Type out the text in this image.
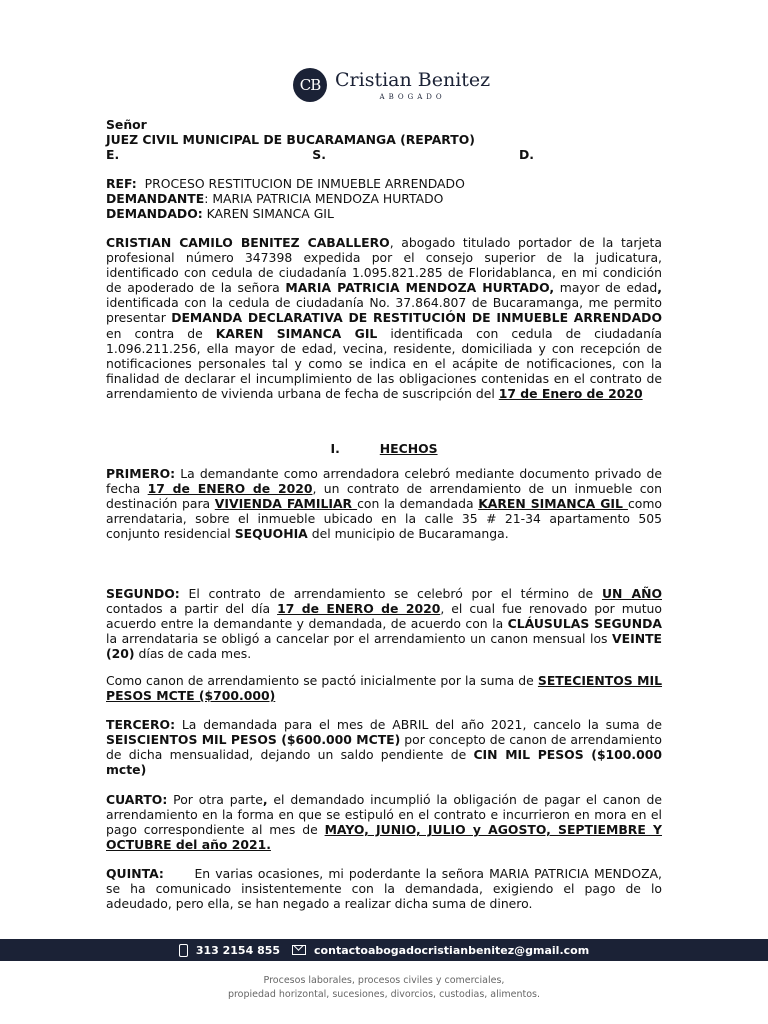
CB Cristian Benitez
ABOGADO

Señor

JUEZ CIVIL MUNICIPAL DE BUCARAMANGA (REPARTO)

E.	S.	D.

REF: PROCESO RESTITUCION DE INMUEBLE ARRENDADO

DEMANDANTE: MARIA PATRICIA MENDOZA HURTADO

DEMANDADO: KAREN SIMANCA GIL

CRISTIAN CAMILO BENITEZ CABALLERO, abogado titulado portador de la tarjeta profesional número 347398 expedida por el consejo superior de la judicatura, identificado con cedula de ciudadanía 1.095.821.285 de Floridablanca, en mi condición de apoderado de la señora MARIA PATRICIA MENDOZA HURTADO, mayor de edad, identificada con la cedula de ciudadanía No. 37.864.807 de Bucaramanga, me permito presentar DEMANDA DECLARATIVA DE RESTITUCIÓN DE INMUEBLE ARRENDADO en contra de KAREN SIMANCA GIL identificada con cedula de ciudadanía 1.096.211.256, ella mayor de edad, vecina, residente, domiciliada y con recepción de notificaciones personales tal y como se indica en el acápite de notificaciones, con la finalidad de declarar el incumplimiento de las obligaciones contenidas en el contrato de arrendamiento de vivienda urbana de fecha de suscripción del 17 de Enero de 2020

I.	HECHOS

PRIMERO: La demandante como arrendadora celebró mediante documento privado de fecha 17 de ENERO de 2020, un contrato de arrendamiento de un inmueble con destinación para VIVIENDA FAMILIAR con la demandada KAREN SIMANCA GIL como arrendataria, sobre el inmueble ubicado en la calle 35 # 21-34 apartamento 505 conjunto residencial SEQUOHIA del municipio de Bucaramanga.

SEGUNDO: El contrato de arrendamiento se celebró por el término de UN AÑO contados a partir del día 17 de ENERO de 2020, el cual fue renovado por mutuo acuerdo entre la demandante y demandada, de acuerdo con la CLÁUSULAS SEGUNDA la arrendataria se obligó a cancelar por el arrendamiento un canon mensual los VEINTE (20) días de cada mes.

Como canon de arrendamiento se pactó inicialmente por la suma de SETECIENTOS MIL PESOS MCTE ($700.000)

TERCERO: La demandada para el mes de ABRIL del año 2021, cancelo la suma de SEISCIENTOS MIL PESOS ($600.000 MCTE) por concepto de canon de arrendamiento de dicha mensualidad, dejando un saldo pendiente de CIN MIL PESOS ($100.000 mcte)

CUARTO: Por otra parte, el demandado incumplió la obligación de pagar el canon de arrendamiento en la forma en que se estipuló en el contrato e incurrieron en mora en el pago correspondiente al mes de MAYO, JUNIO, JULIO y AGOSTO, SEPTIEMBRE Y OCTUBRE del año 2021.

QUINTA:      En varias ocasiones, mi poderdante la señora MARIA PATRICIA MENDOZA, se ha comunicado insistentemente con la demandada, exigiendo el pago de lo adeudado, pero ella, se han negado a realizar dicha suma de dinero.

313 2154 855	contactoabogadocristianbenitez@gmail.com
Procesos laborales, procesos civiles y comerciales,
propiedad horizontal, sucesiones, divorcios, custodias, alimentos.
